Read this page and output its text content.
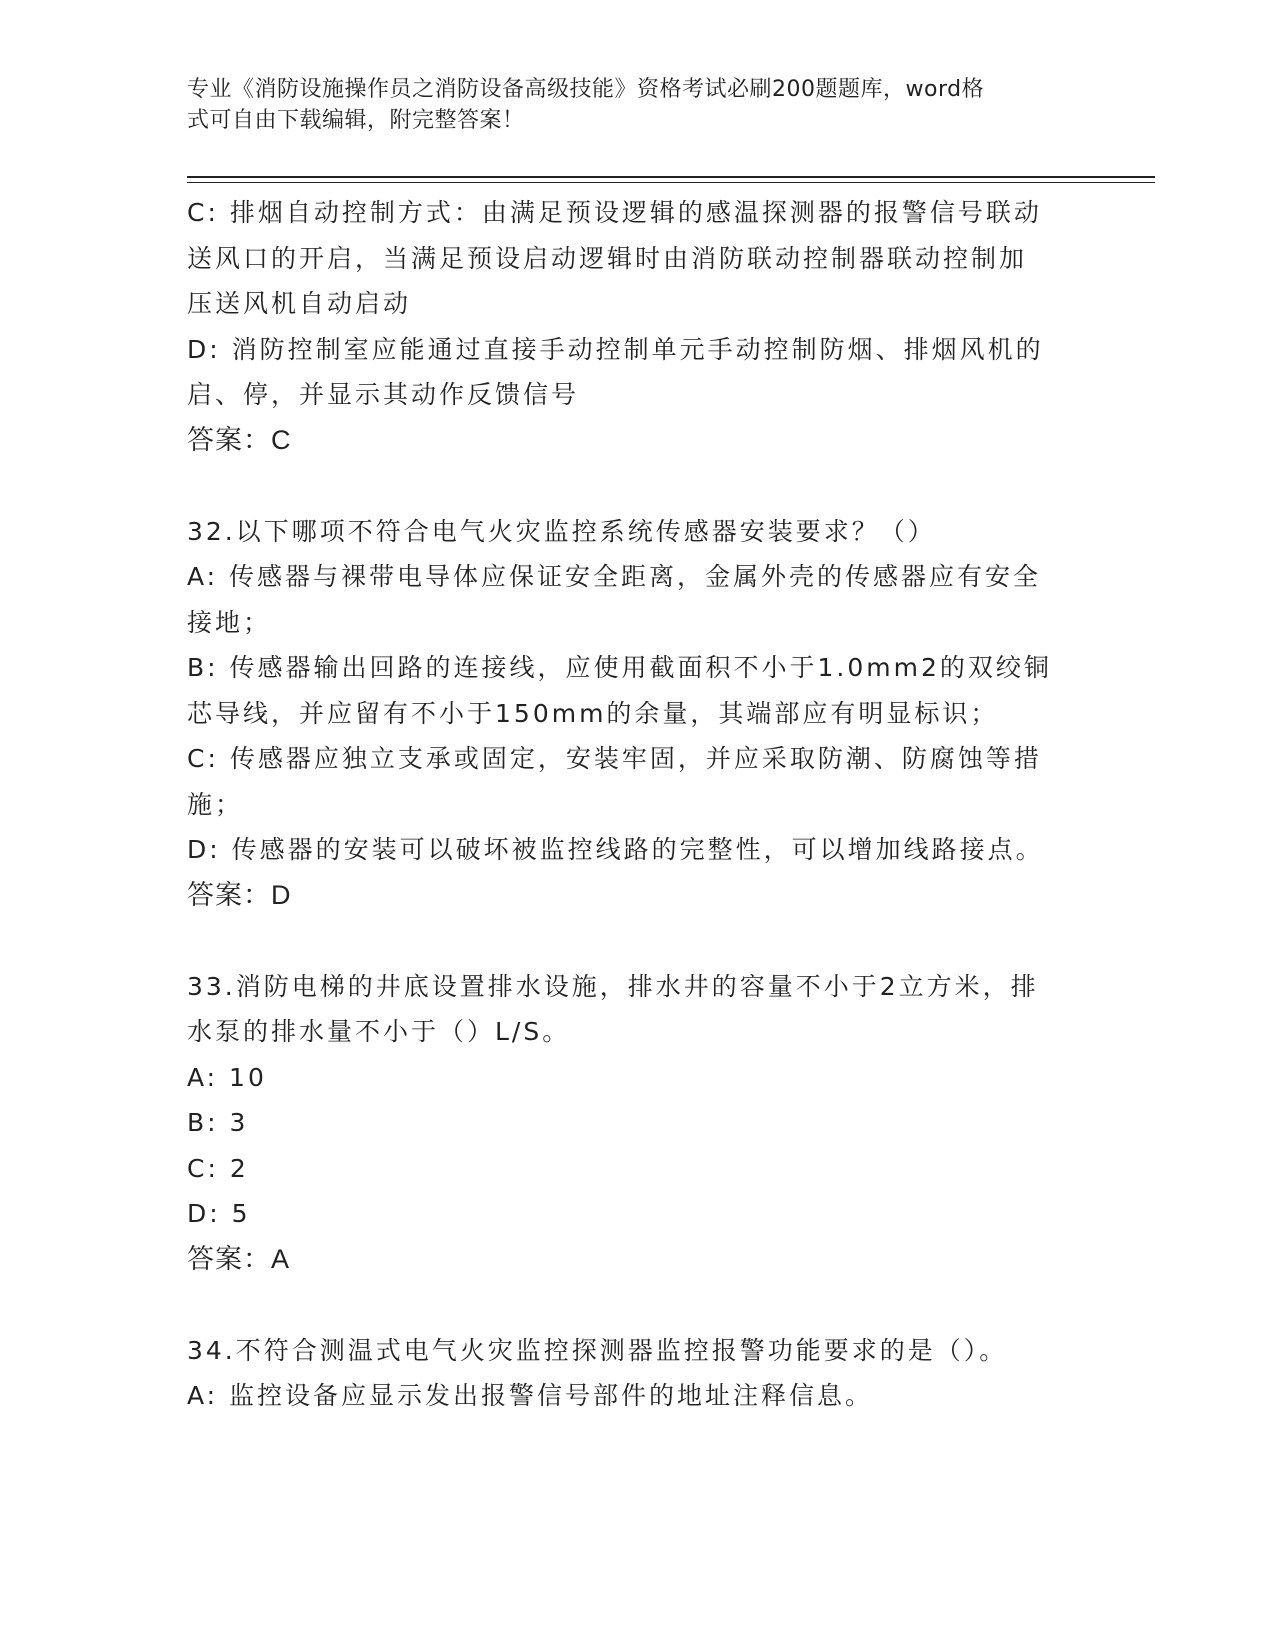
专业《消防设施操作员之消防设备高级技能》资格考试必刷200题题库，word格
式可自由下载编辑，附完整答案！

C: 排烟自动控制方式：由满足预设逻辑的感温探测器的报警信号联动

送风口的开启，当满足预设启动逻辑时由消防联动控制器联动控制加

压送风机自动启动

D: 消防控制室应能通过直接手动控制单元手动控制防烟、排烟风机的

启、停，并显示其动作反馈信号

答案：C

32.以下哪项不符合电气火灾监控系统传感器安装要求？（）

A: 传感器与裸带电导体应保证安全距离，金属外壳的传感器应有安全

接地；

B: 传感器输出回路的连接线，应使用截面积不小于1.0mm2的双绞铜

芯导线，并应留有不小于150mm的余量，其端部应有明显标识；

C: 传感器应独立支承或固定，安装牢固，并应采取防潮、防腐蚀等措

施；

D: 传感器的安装可以破坏被监控线路的完整性，可以增加线路接点。

答案：D

33.消防电梯的井底设置排水设施，排水井的容量不小于2立方米，排

水泵的排水量不小于（）L/S。

A: 10

B: 3

C: 2

D: 5

答案：A

34.不符合测温式电气火灾监控探测器监控报警功能要求的是（）。

A: 监控设备应显示发出报警信号部件的地址注释信息。
